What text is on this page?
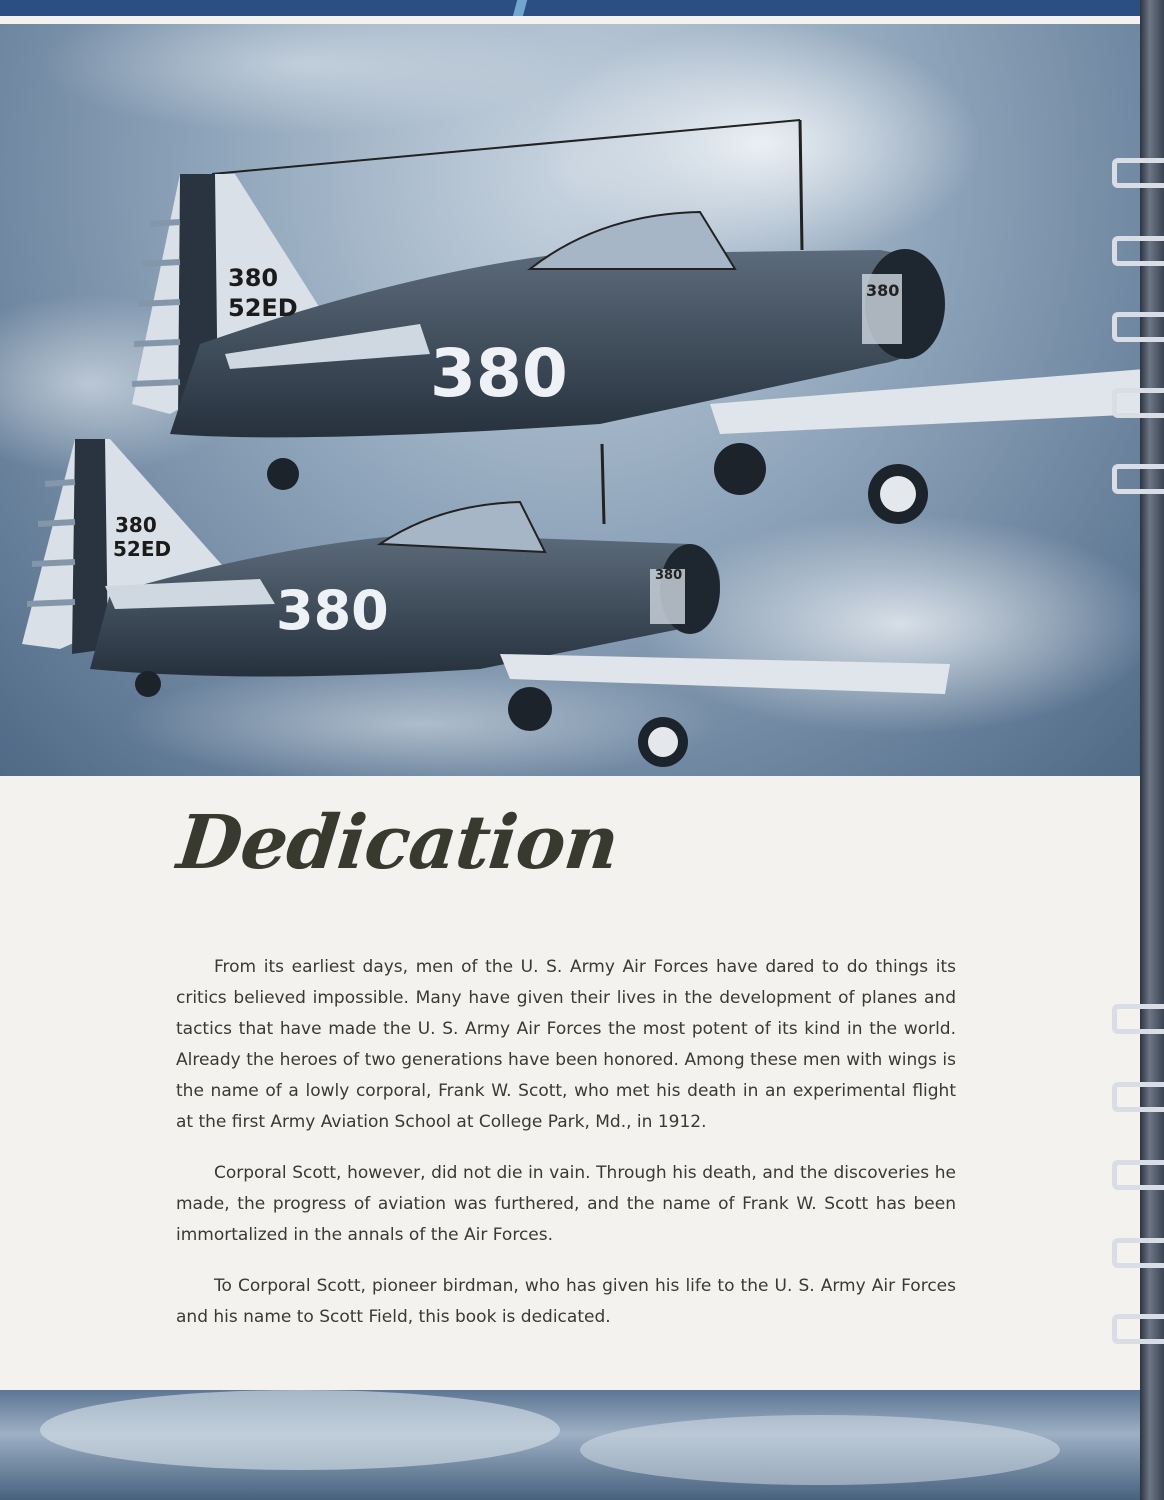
380
52ED
380
380
380
52ED
380
380
Dedication

From its earliest days, men of the U. S. Army Air Forces have dared to do things its critics believed impossible. Many have given their lives in the development of planes and tactics that have made the U. S. Army Air Forces the most potent of its kind in the world. Already the heroes of two generations have been honored. Among these men with wings is the name of a lowly corporal, Frank W. Scott, who met his death in an experimental flight at the first Army Aviation School at College Park, Md., in 1912.

Corporal Scott, however, did not die in vain. Through his death, and the discoveries he made, the progress of aviation was furthered, and the name of Frank W. Scott has been immortalized in the annals of the Air Forces.

To Corporal Scott, pioneer birdman, who has given his life to the U. S. Army Air Forces and his name to Scott Field, this book is dedicated.
